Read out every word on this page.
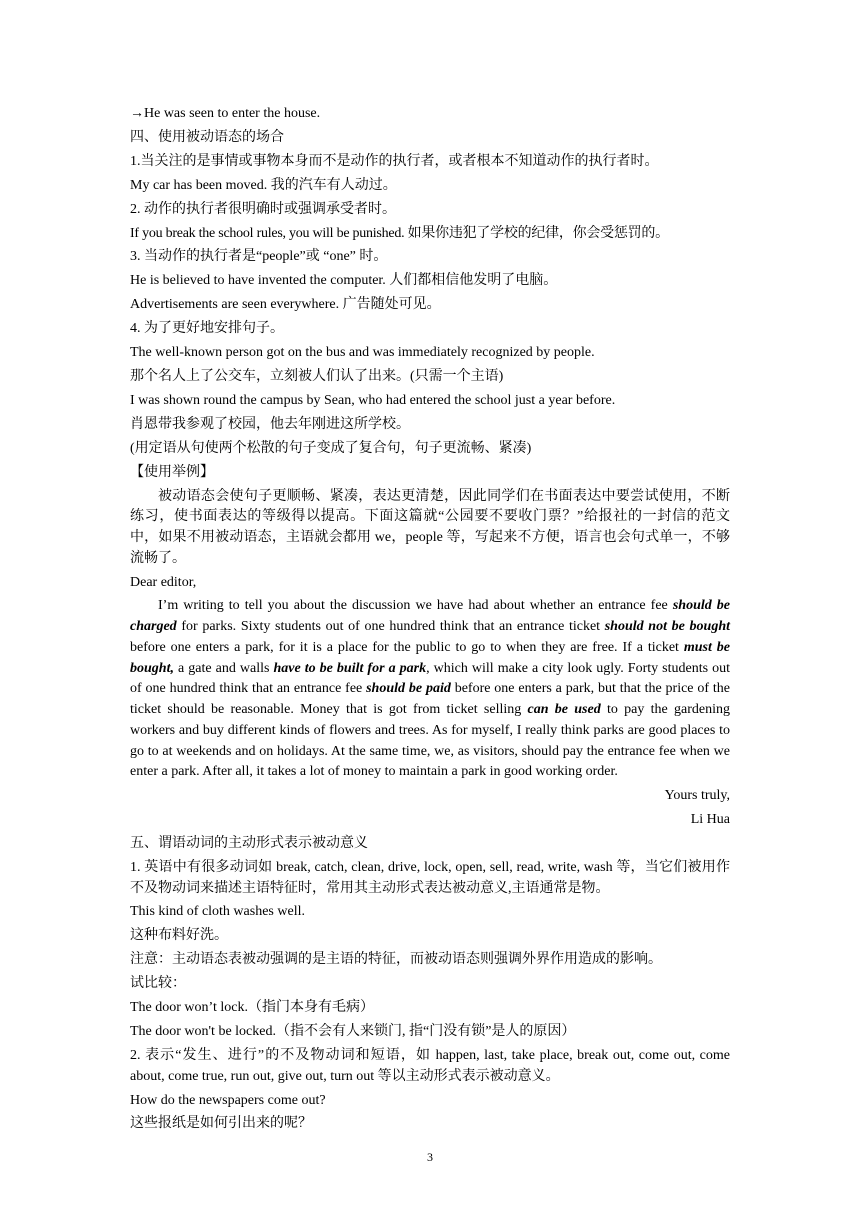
→He was seen to enter the house.

四、使用被动语态的场合

1.当关注的是事情或事物本身而不是动作的执行者，或者根本不知道动作的执行者时。

My car has been moved. 我的汽车有人动过。

2. 动作的执行者很明确时或强调承受者时。

If you break the school rules, you will be punished. 如果你违犯了学校的纪律，你会受惩罚的。

3. 当动作的执行者是“people”或 “one” 时。

He is believed to have invented the computer. 人们都相信他发明了电脑。

Advertisements are seen everywhere. 广告随处可见。

4. 为了更好地安排句子。

The well-known person got on the bus and was immediately recognized by people.

那个名人上了公交车，立刻被人们认了出来。(只需一个主语)

I was shown round the campus by Sean, who had entered the school just a year before.

肖恩带我参观了校园，他去年刚进这所学校。

(用定语从句使两个松散的句子变成了复合句，句子更流畅、紧凑)

【使用举例】

被动语态会使句子更顺畅、紧凑，表达更清楚，因此同学们在书面表达中要尝试使用，不断练习，使书面表达的等级得以提高。下面这篇就“公园要不要收门票？”给报社的一封信的范文中，如果不用被动语态，主语就会都用 we，people 等，写起来不方便，语言也会句式单一，不够流畅了。

Dear editor,

I’m writing to tell you about the discussion we have had about whether an entrance fee should be charged for parks. Sixty students out of one hundred think that an entrance ticket should not be bought before one enters a park, for it is a place for the public to go to when they are free. If a ticket must be bought, a gate and walls have to be built for a park, which will make a city look ugly. Forty students out of one hundred think that an entrance fee should be paid before one enters a park, but that the price of the ticket should be reasonable. Money that is got from ticket selling can be used to pay the gardening workers and buy different kinds of flowers and trees. As for myself, I really think parks are good places to go to at weekends and on holidays. At the same time, we, as visitors, should pay the entrance fee when we enter a park. After all, it takes a lot of money to maintain a park in good working order.

Yours truly,

Li Hua

五、谓语动词的主动形式表示被动意义

1. 英语中有很多动词如 break, catch, clean, drive, lock, open, sell, read, write, wash 等，当它们被用作不及物动词来描述主语特征时，常用其主动形式表达被动意义,主语通常是物。

This kind of cloth washes well.

这种布料好洗。

注意：主动语态表被动强调的是主语的特征，而被动语态则强调外界作用造成的影响。

试比较：

The door won’t lock.（指门本身有毛病）

The door won't be locked.（指不会有人来锁门, 指“门没有锁”是人的原因）

2. 表示“发生、进行”的不及物动词和短语，如 happen, last, take place, break out, come out, come about, come true, run out, give out, turn out 等以主动形式表示被动意义。

How do the newspapers come out?

这些报纸是如何引出来的呢？

3
